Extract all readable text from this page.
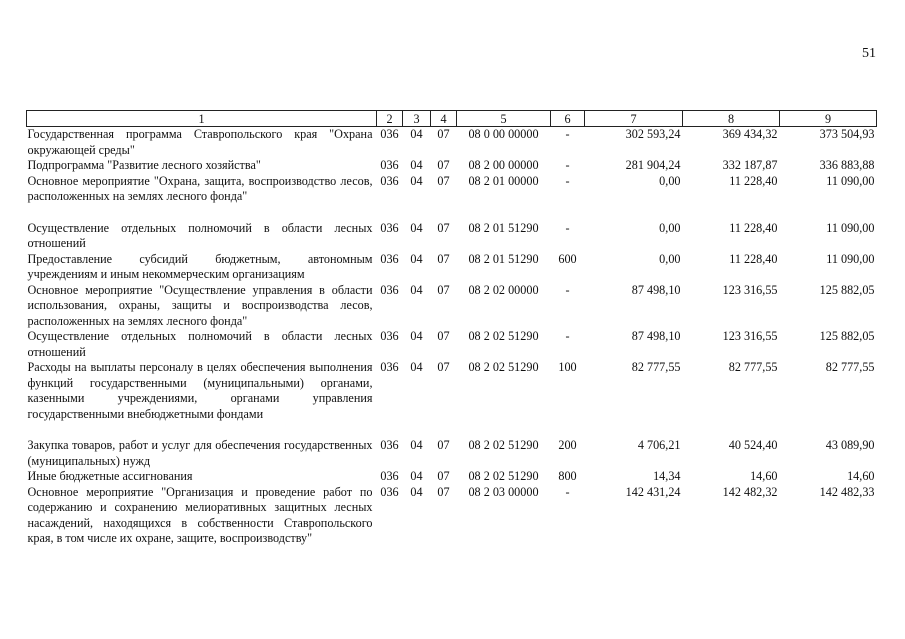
51
1	2	3	4	5	6	7	8	9
Государственная программа Ставропольского края "Охрана окружающей среды"	036	04	07	08 0 00 00000	-	302 593,24	369 434,32	373 504,93
Подпрограмма "Развитие лесного хозяйства"	036	04	07	08 2 00 00000	-	281 904,24	332 187,87	336 883,88
Основное мероприятие "Охрана, защита, воспроизводство лесов, расположенных на землях лесного фонда"	036	04	07	08 2 01 00000	-	0,00	11 228,40	11 090,00
Осуществление отдельных полномочий в области лесных отношений	036	04	07	08 2 01 51290	-	0,00	11 228,40	11 090,00
Предоставление субсидий бюджетным, автономным учреждениям и иным некоммерческим организациям	036	04	07	08 2 01 51290	600	0,00	11 228,40	11 090,00
Основное мероприятие "Осуществление управления в области использования, охраны, защиты и воспроизводства лесов, расположенных на землях лесного фонда"	036	04	07	08 2 02 00000	-	87 498,10	123 316,55	125 882,05
Осуществление отдельных полномочий в области лесных отношений	036	04	07	08 2 02 51290	-	87 498,10	123 316,55	125 882,05
Расходы на выплаты персоналу в целях обеспечения выполнения функций государственными (муниципальными) органами, казенными учреждениями, органами управления государственными внебюджетными фондами	036	04	07	08 2 02 51290	100	82 777,55	82 777,55	82 777,55
Закупка товаров, работ и услуг для обеспечения государственных (муниципальных) нужд	036	04	07	08 2 02 51290	200	4 706,21	40 524,40	43 089,90
Иные бюджетные ассигнования	036	04	07	08 2 02 51290	800	14,34	14,60	14,60
Основное мероприятие "Организация и проведение работ по содержанию и сохранению мелиоративных защитных лесных насаждений, находящихся в собственности Ставропольского края, в том числе их охране, защите, воспроизводству"	036	04	07	08 2 03 00000	-	142 431,24	142 482,32	142 482,33
